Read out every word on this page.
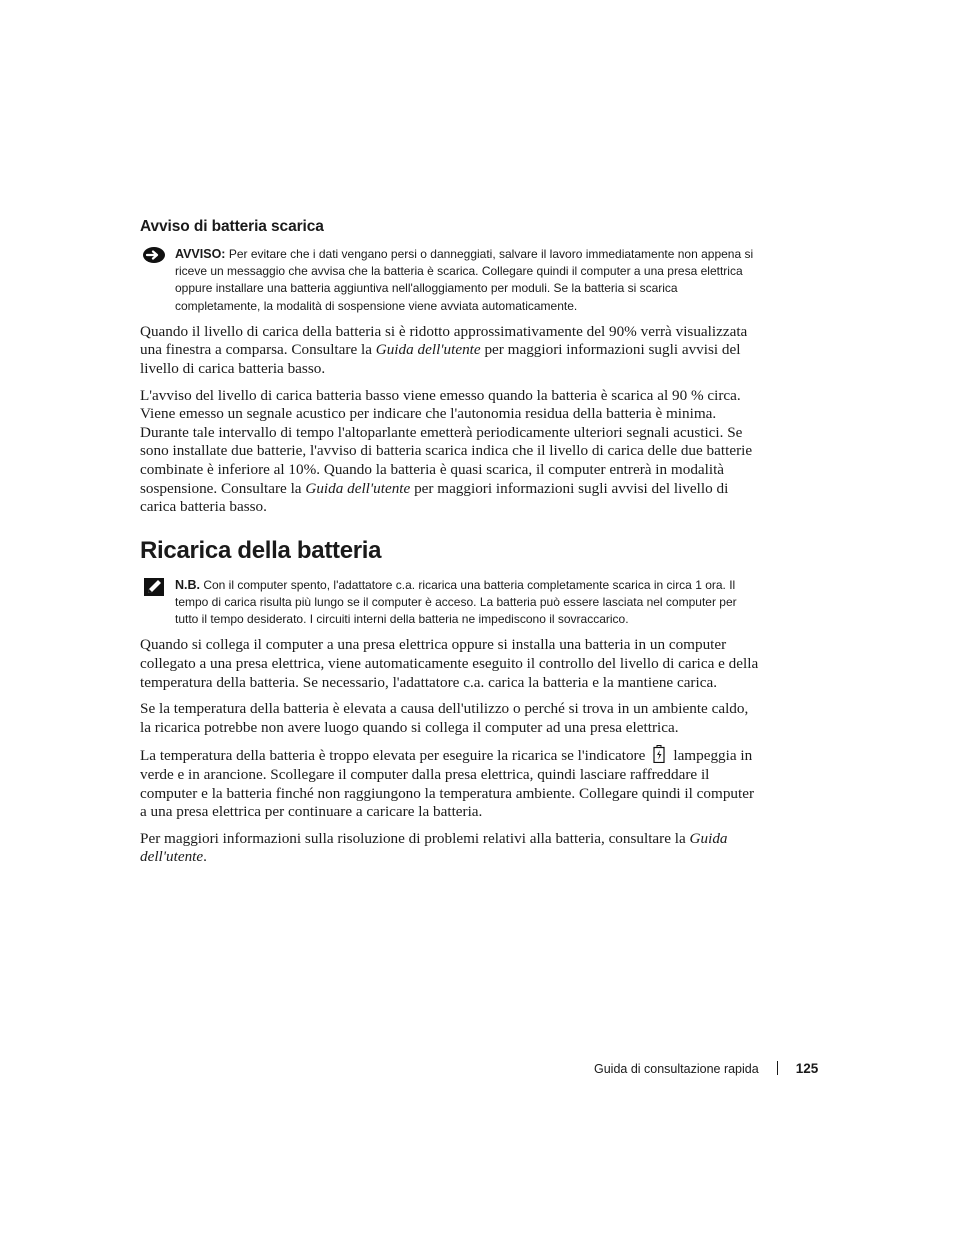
Avviso di batteria scarica
AVVISO: Per evitare che i dati vengano persi o danneggiati, salvare il lavoro immediatamente non appena si riceve un messaggio che avvisa che la batteria è scarica. Collegare quindi il computer a una presa elettrica oppure installare una batteria aggiuntiva nell'alloggiamento per moduli. Se la batteria si scarica completamente, la modalità di sospensione viene avviata automaticamente.

Quando il livello di carica della batteria si è ridotto approssimativamente del 90% verrà visualizzata una finestra a comparsa. Consultare la Guida dell'utente per maggiori informazioni sugli avvisi del livello di carica batteria basso.

L'avviso del livello di carica batteria basso viene emesso quando la batteria è scarica al 90 % circa. Viene emesso un segnale acustico per indicare che l'autonomia residua della batteria è minima. Durante tale intervallo di tempo l'altoparlante emetterà periodicamente ulteriori segnali acustici. Se sono installate due batterie, l'avviso di batteria scarica indica che il livello di carica delle due batterie combinate è inferiore al 10%. Quando la batteria è quasi scarica, il computer entrerà in modalità sospensione. Consultare la Guida dell'utente per maggiori informazioni sugli avvisi del livello di carica batteria basso.

Ricarica della batteria
N.B. Con il computer spento, l'adattatore c.a. ricarica una batteria completamente scarica in circa 1 ora. Il tempo di carica risulta più lungo se il computer è acceso. La batteria può essere lasciata nel computer per tutto il tempo desiderato. I circuiti interni della batteria ne impediscono il sovraccarico.

Quando si collega il computer a una presa elettrica oppure si installa una batteria in un computer collegato a una presa elettrica, viene automaticamente eseguito il controllo del livello di carica e della temperatura della batteria. Se necessario, l'adattatore c.a. carica la batteria e la mantiene carica.

Se la temperatura della batteria è elevata a causa dell'utilizzo o perché si trova in un ambiente caldo, la ricarica potrebbe non avere luogo quando si collega il computer ad una presa elettrica.

La temperatura della batteria è troppo elevata per eseguire la ricarica se l'indicatore lampeggia in verde e in arancione. Scollegare il computer dalla presa elettrica, quindi lasciare raffreddare il computer e la batteria finché non raggiungono la temperatura ambiente. Collegare quindi il computer a una presa elettrica per continuare a caricare la batteria.

Per maggiori informazioni sulla risoluzione di problemi relativi alla batteria, consultare la Guida dell'utente.

Guida di consultazione rapida	125
